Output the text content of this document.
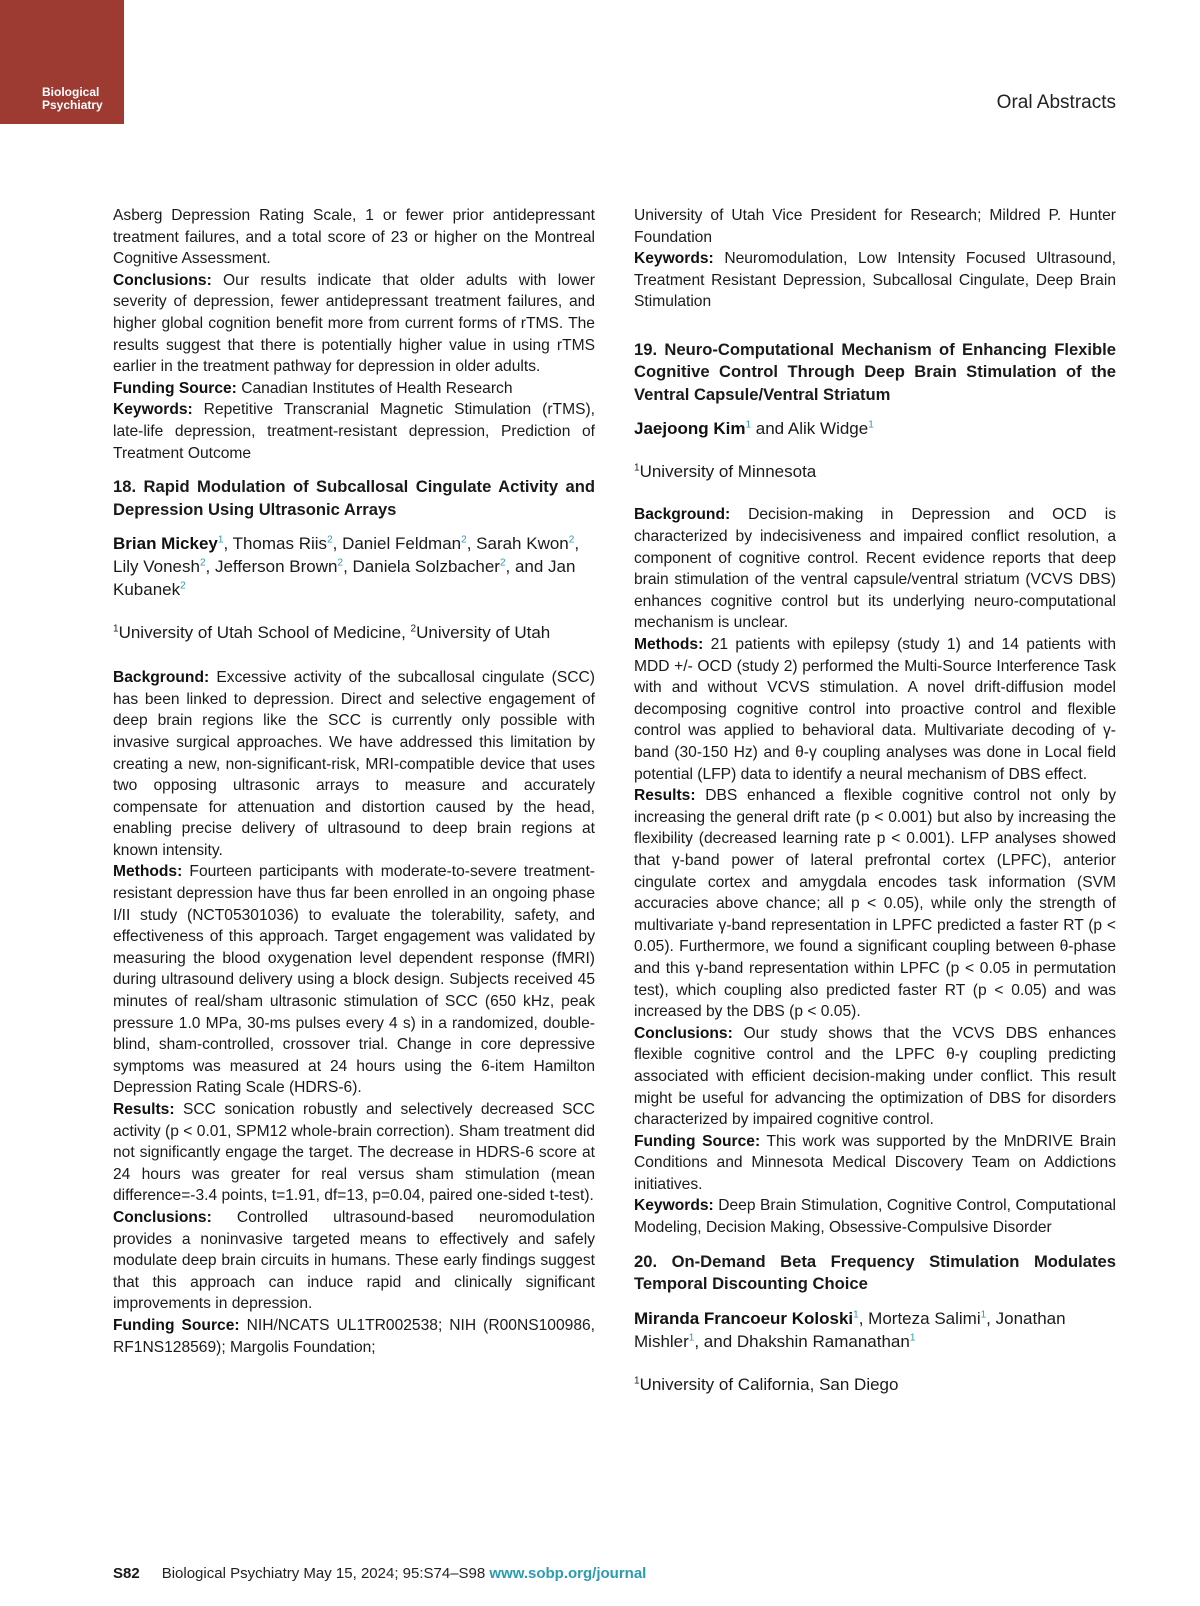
Biological
Psychiatry	Oral Abstracts

Asberg Depression Rating Scale, 1 or fewer prior antidepressant treatment failures, and a total score of 23 or higher on the Montreal Cognitive Assessment.

Conclusions: Our results indicate that older adults with lower severity of depression, fewer antidepressant treatment failures, and higher global cognition benefit more from current forms of rTMS. The results suggest that there is potentially higher value in using rTMS earlier in the treatment pathway for depression in older adults.

Funding Source: Canadian Institutes of Health Research

Keywords: Repetitive Transcranial Magnetic Stimulation (rTMS), late-life depression, treatment-resistant depression, Prediction of Treatment Outcome

18. Rapid Modulation of Subcallosal Cingulate Activity and Depression Using Ultrasonic Arrays

Brian Mickey$^1$, Thomas Riis$^2$, Daniel Feldman$^2$, Sarah Kwon$^2$, Lily Vonesh$^2$, Jefferson Brown$^2$, Daniela Solzbacher$^2$, and Jan Kubanek$^2$

$^1$University of Utah School of Medicine, $^2$University of Utah

Background: Excessive activity of the subcallosal cingulate (SCC) has been linked to depression. Direct and selective engagement of deep brain regions like the SCC is currently only possible with invasive surgical approaches. We have addressed this limitation by creating a new, non-significant-risk, MRI-compatible device that uses two opposing ultrasonic arrays to measure and accurately compensate for attenuation and distortion caused by the head, enabling precise delivery of ultrasound to deep brain regions at known intensity.

Methods: Fourteen participants with moderate-to-severe treatment-resistant depression have thus far been enrolled in an ongoing phase I/II study (NCT05301036) to evaluate the tolerability, safety, and effectiveness of this approach. Target engagement was validated by measuring the blood oxygenation level dependent response (fMRI) during ultrasound delivery using a block design. Subjects received 45 minutes of real/sham ultrasonic stimulation of SCC (650 kHz, peak pressure 1.0 MPa, 30-ms pulses every 4 s) in a randomized, double-blind, sham-controlled, crossover trial. Change in core depressive symptoms was measured at 24 hours using the 6-item Hamilton Depression Rating Scale (HDRS-6).

Results: SCC sonication robustly and selectively decreased SCC activity (p < 0.01, SPM12 whole-brain correction). Sham treatment did not significantly engage the target. The decrease in HDRS-6 score at 24 hours was greater for real versus sham stimulation (mean difference=-3.4 points, t=1.91, df=13, p=0.04, paired one-sided t-test).

Conclusions: Controlled ultrasound-based neuromodulation provides a noninvasive targeted means to effectively and safely modulate deep brain circuits in humans. These early findings suggest that this approach can induce rapid and clinically significant improvements in depression.

Funding Source: NIH/NCATS UL1TR002538; NIH (R00NS100986, RF1NS128569); Margolis Foundation;

University of Utah Vice President for Research; Mildred P. Hunter Foundation

Keywords: Neuromodulation, Low Intensity Focused Ultrasound, Treatment Resistant Depression, Subcallosal Cingulate, Deep Brain Stimulation

19. Neuro-Computational Mechanism of Enhancing Flexible Cognitive Control Through Deep Brain Stimulation of the Ventral Capsule/Ventral Striatum

Jaejoong Kim$^1$ and Alik Widge$^1$

$^1$University of Minnesota

Background: Decision-making in Depression and OCD is characterized by indecisiveness and impaired conflict resolution, a component of cognitive control. Recent evidence reports that deep brain stimulation of the ventral capsule/ventral striatum (VCVS DBS) enhances cognitive control but its underlying neuro-computational mechanism is unclear.

Methods: 21 patients with epilepsy (study 1) and 14 patients with MDD +/- OCD (study 2) performed the Multi-Source Interference Task with and without VCVS stimulation. A novel drift-diffusion model decomposing cognitive control into proactive control and flexible control was applied to behavioral data. Multivariate decoding of γ-band (30-150 Hz) and θ-γ coupling analyses was done in Local field potential (LFP) data to identify a neural mechanism of DBS effect.

Results: DBS enhanced a flexible cognitive control not only by increasing the general drift rate (p < 0.001) but also by increasing the flexibility (decreased learning rate p < 0.001). LFP analyses showed that γ-band power of lateral prefrontal cortex (LPFC), anterior cingulate cortex and amygdala encodes task information (SVM accuracies above chance; all p < 0.05), while only the strength of multivariate γ-band representation in LPFC predicted a faster RT (p < 0.05). Furthermore, we found a significant coupling between θ-phase and this γ-band representation within LPFC (p < 0.05 in permutation test), which coupling also predicted faster RT (p < 0.05) and was increased by the DBS (p < 0.05).

Conclusions: Our study shows that the VCVS DBS enhances flexible cognitive control and the LPFC θ-γ coupling predicting associated with efficient decision-making under conflict. This result might be useful for advancing the optimization of DBS for disorders characterized by impaired cognitive control.

Funding Source: This work was supported by the MnDRIVE Brain Conditions and Minnesota Medical Discovery Team on Addictions initiatives.

Keywords: Deep Brain Stimulation, Cognitive Control, Computational Modeling, Decision Making, Obsessive-Compulsive Disorder

20. On-Demand Beta Frequency Stimulation Modulates Temporal Discounting Choice

Miranda Francoeur Koloski$^1$, Morteza Salimi$^1$, Jonathan Mishler$^1$, and Dhakshin Ramanathan$^1$

$^1$University of California, San Diego

S82 Biological Psychiatry May 15, 2024; 95:S74–S98 www.sobp.org/journal
